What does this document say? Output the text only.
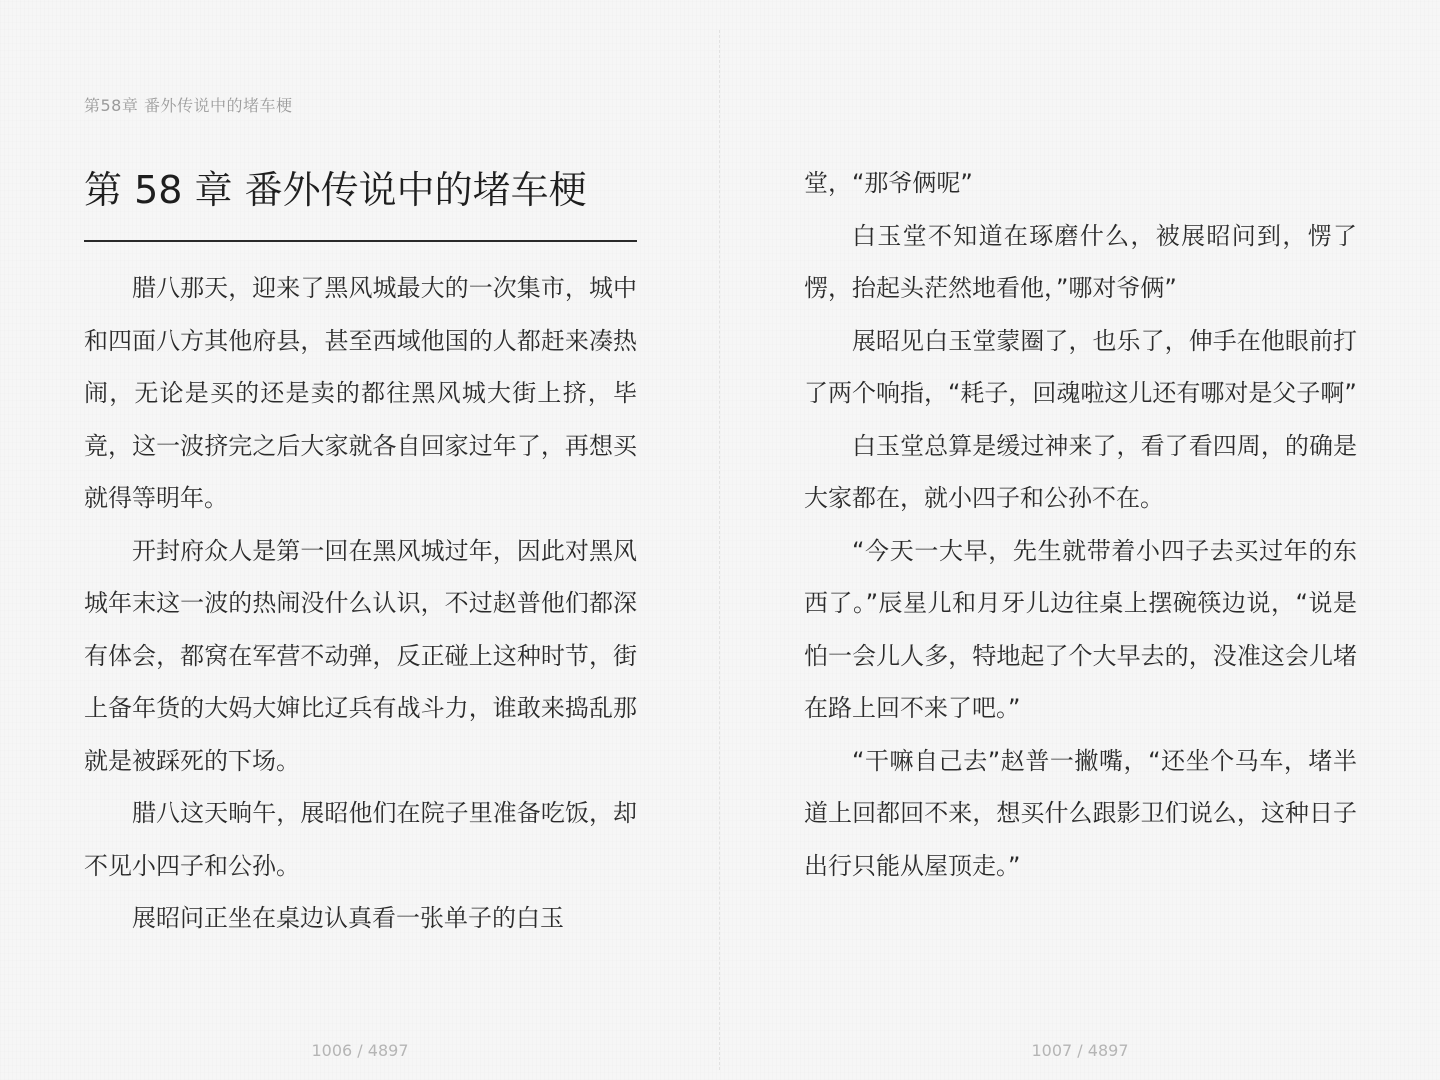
第58章 番外传说中的堵车梗
第 58 章 番外传说中的堵车梗

腊八那天，迎来了黑风城最大的一次集市，城中和四面八方其他府县，甚至西域他国的人都赶来凑热闹，无论是买的还是卖的都往黑风城大街上挤，毕竟，这一波挤完之后大家就各自回家过年了，再想买就得等明年。

开封府众人是第一回在黑风城过年，因此对黑风城年末这一波的热闹没什么认识，不过赵普他们都深有体会，都窝在军营不动弹，反正碰上这种时节，街上备年货的大妈大婶比辽兵有战斗力，谁敢来捣乱那就是被踩死的下场。

腊八这天晌午，展昭他们在院子里准备吃饭，却不见小四子和公孙。

展昭问正坐在桌边认真看一张单子的白玉

1006 / 4897

堂，“那爷俩呢”

白玉堂不知道在琢磨什么，被展昭问到，愣了愣，抬起头茫然地看他，”哪对爷俩”

展昭见白玉堂蒙圈了，也乐了，伸手在他眼前打了两个响指，“耗子，回魂啦这儿还有哪对是父子啊”

白玉堂总算是缓过神来了，看了看四周，的确是大家都在，就小四子和公孙不在。

“今天一大早，先生就带着小四子去买过年的东西了。”辰星儿和月牙儿边往桌上摆碗筷边说，“说是怕一会儿人多，特地起了个大早去的，没准这会儿堵在路上回不来了吧。”

“干嘛自己去”赵普一撇嘴，“还坐个马车，堵半道上回都回不来，想买什么跟影卫们说么，这种日子出行只能从屋顶走。”

1007 / 4897
